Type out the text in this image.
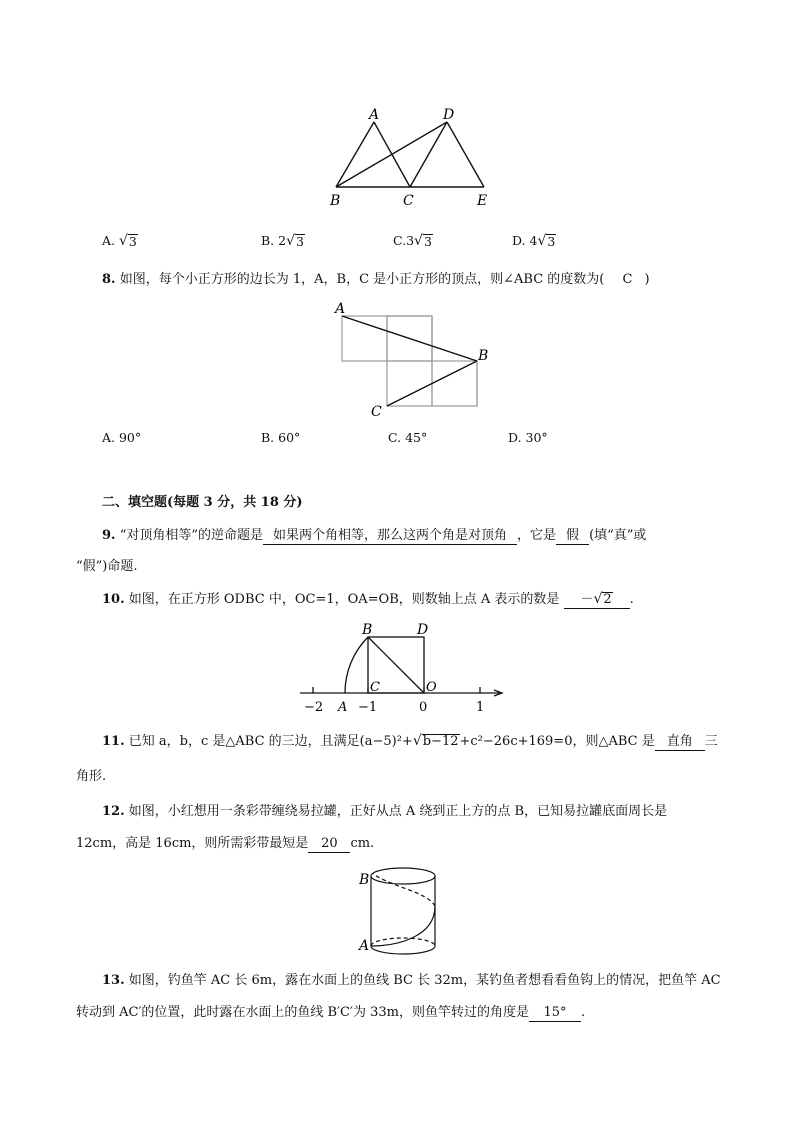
A	D
B	C	E
A. √ 3	B. 2 √ 3	C.3 √ 3	D. 4 √ 3
8. 如图，每个小正方形的边长为 1，A，B，C 是小正方形的顶点，则∠ABC 的度数为( C )
A
B
C
A. 90°	B. 60°	C. 45°	D. 30°
二、填空题(每题 3 分，共 18 分)
9. “对顶角相等”的逆命题是 如果两个角相等，那么这两个角是对顶角 ，它是 假 (填“真”或
“假”)命题.
10. 如图，在正方形 ODBC 中，OC=1，OA=OB，则数轴上点 A 表示的数是 － √ 2 .
B	D
C	O
−2 A −1	0	1
11. 已知 a，b，c 是△ABC 的三边，且满足(a−5)²+ √ b−12 +c²−26c+169=0，则△ABC 是 直角 三
角形.
12. 如图，小红想用一条彩带缠绕易拉罐，正好从点 A 绕到正上方的点 B，已知易拉罐底面周长是
12cm，高是 16cm，则所需彩带最短是 20 cm.
B
A
13. 如图，钓鱼竿 AC 长 6m，露在水面上的鱼线 BC 长 32m，某钓鱼者想看看鱼钩上的情况，把鱼竿 AC
转动到 AC′的位置，此时露在水面上的鱼线 B′C′为 33m，则鱼竿转过的角度是 15° .
